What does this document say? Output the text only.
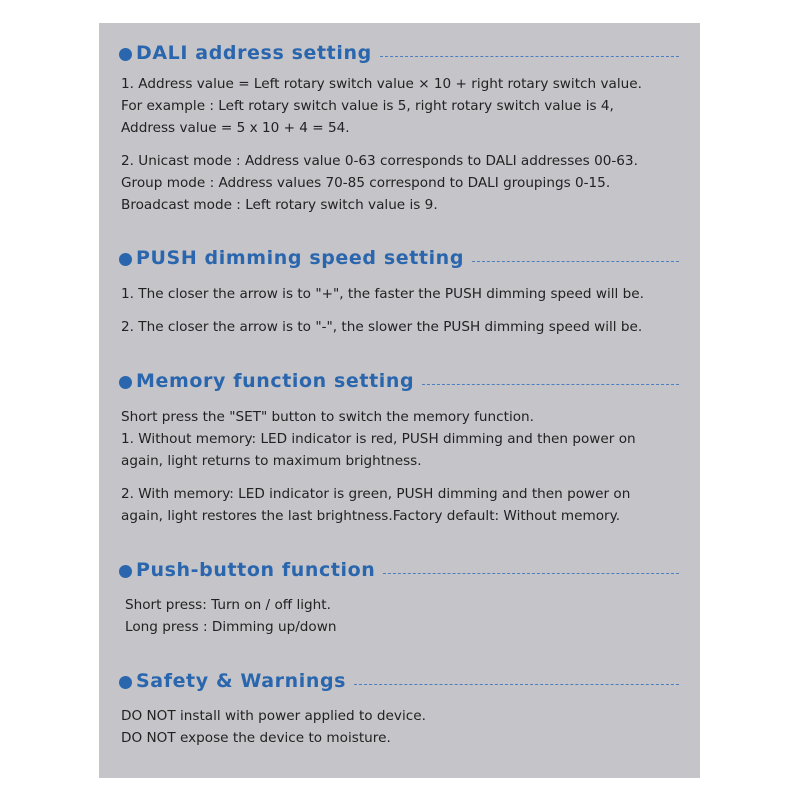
DALI address setting
1. Address value = Left rotary switch value × 10 + right rotary switch value.
For example : Left rotary switch value is 5, right rotary switch value is 4,
Address value = 5 x 10 + 4 = 54.
2. Unicast mode : Address value 0-63 corresponds to DALI addresses 00-63.
Group mode : Address values 70-85 correspond to DALI groupings 0-15.
Broadcast mode : Left rotary switch value is 9.
PUSH dimming speed setting
1. The closer the arrow is to "+", the faster the PUSH dimming speed will be.
2. The closer the arrow is to "-", the slower the PUSH dimming speed will be.
Memory function setting
Short press the "SET" button to switch the memory function.
1. Without memory: LED indicator is red, PUSH dimming and then power on
again, light returns to maximum brightness.
2. With memory: LED indicator is green, PUSH dimming and then power on
again, light restores the last brightness.Factory default: Without memory.
Push-button function
Short press: Turn on / off light.
Long press : Dimming up/down
Safety & Warnings
DO NOT install with power applied to device.
DO NOT expose the device to moisture.
